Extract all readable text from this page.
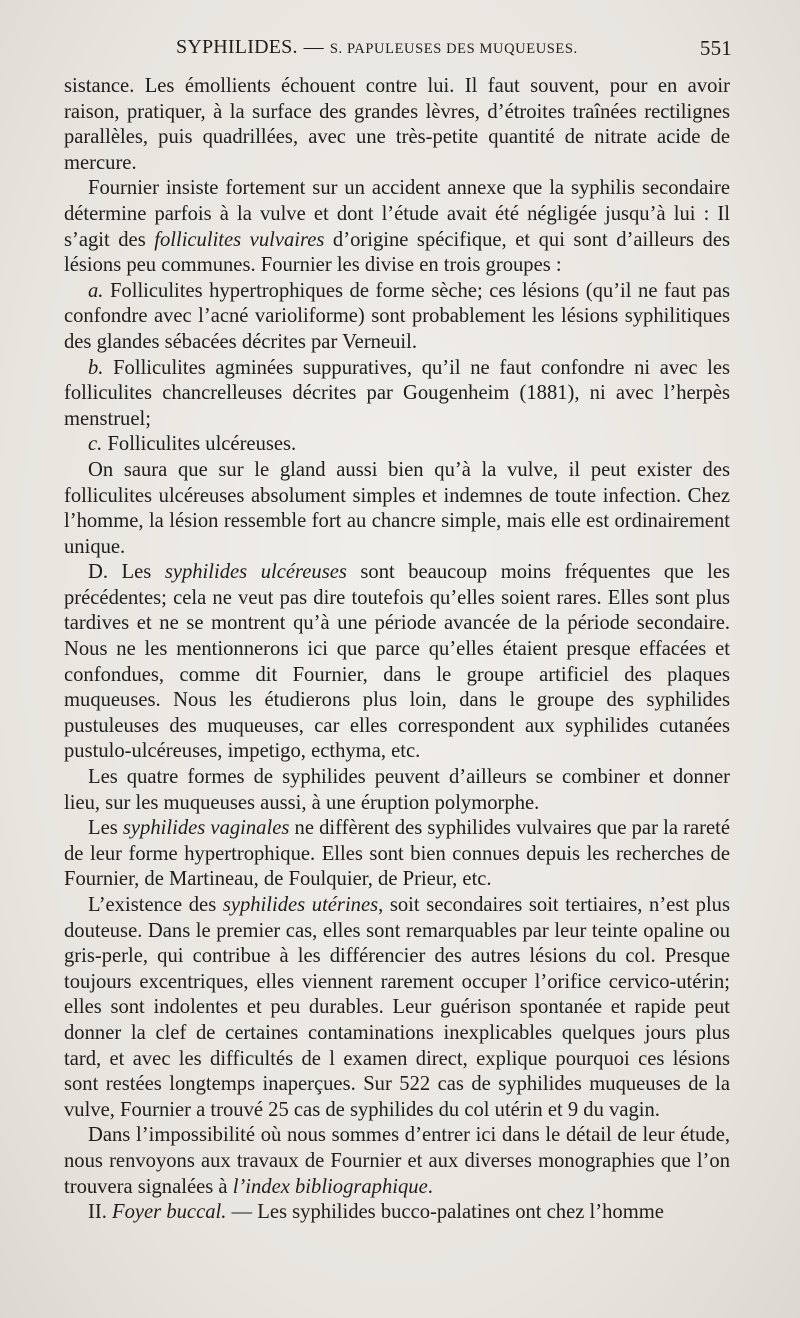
SYPHILIDES. — S. PAPULEUSES DES MUQUEUSES.	551

sistance. Les émollients échouent contre lui. Il faut souvent, pour en avoir raison, pratiquer, à la surface des grandes lèvres, d’étroites traînées rectilignes parallèles, puis quadrillées, avec une très-petite quantité de nitrate acide de mercure.

Fournier insiste fortement sur un accident annexe que la syphilis secondaire détermine parfois à la vulve et dont l’étude avait été négligée jusqu’à lui : Il s’agit des folliculites vulvaires d’origine spécifique, et qui sont d’ailleurs des lésions peu communes. Fournier les divise en trois groupes :

a. Folliculites hypertrophiques de forme sèche; ces lésions (qu’il ne faut pas confondre avec l’acné varioliforme) sont probablement les lésions syphilitiques des glandes sébacées décrites par Verneuil.

b. Folliculites agminées suppuratives, qu’il ne faut confondre ni avec les folliculites chancrelleuses décrites par Gougenheim (1881), ni avec l’herpès menstruel;

c. Folliculites ulcéreuses.

On saura que sur le gland aussi bien qu’à la vulve, il peut exister des folliculites ulcéreuses absolument simples et indemnes de toute infection. Chez l’homme, la lésion ressemble fort au chancre simple, mais elle est ordinairement unique.

D. Les syphilides ulcéreuses sont beaucoup moins fréquentes que les précédentes; cela ne veut pas dire toutefois qu’elles soient rares. Elles sont plus tardives et ne se montrent qu’à une période avancée de la période secondaire. Nous ne les mentionnerons ici que parce qu’elles étaient presque effacées et confondues, comme dit Fournier, dans le groupe artificiel des plaques muqueuses. Nous les étudierons plus loin, dans le groupe des syphilides pustuleuses des muqueuses, car elles correspondent aux syphilides cutanées pustulo-ulcéreuses, impetigo, ecthyma, etc.

Les quatre formes de syphilides peuvent d’ailleurs se combiner et donner lieu, sur les muqueuses aussi, à une éruption polymorphe.

Les syphilides vaginales ne diffèrent des syphilides vulvaires que par la rareté de leur forme hypertrophique. Elles sont bien connues depuis les recherches de Fournier, de Martineau, de Foulquier, de Prieur, etc.

L’existence des syphilides utérines, soit secondaires soit tertiaires, n’est plus douteuse. Dans le premier cas, elles sont remarquables par leur teinte opaline ou gris-perle, qui contribue à les différencier des autres lésions du col. Presque toujours excentriques, elles viennent rarement occuper l’orifice cervico-utérin; elles sont indolentes et peu durables. Leur guérison spontanée et rapide peut donner la clef de certaines contaminations inexplicables quelques jours plus tard, et avec les difficultés de l examen direct, explique pourquoi ces lésions sont restées longtemps inaperçues. Sur 522 cas de syphilides muqueuses de la vulve, Fournier a trouvé 25 cas de syphilides du col utérin et 9 du vagin.

Dans l’impossibilité où nous sommes d’entrer ici dans le détail de leur étude, nous renvoyons aux travaux de Fournier et aux diverses monographies que l’on trouvera signalées à l’index bibliographique.

II. Foyer buccal. — Les syphilides bucco-palatines ont chez l’homme
